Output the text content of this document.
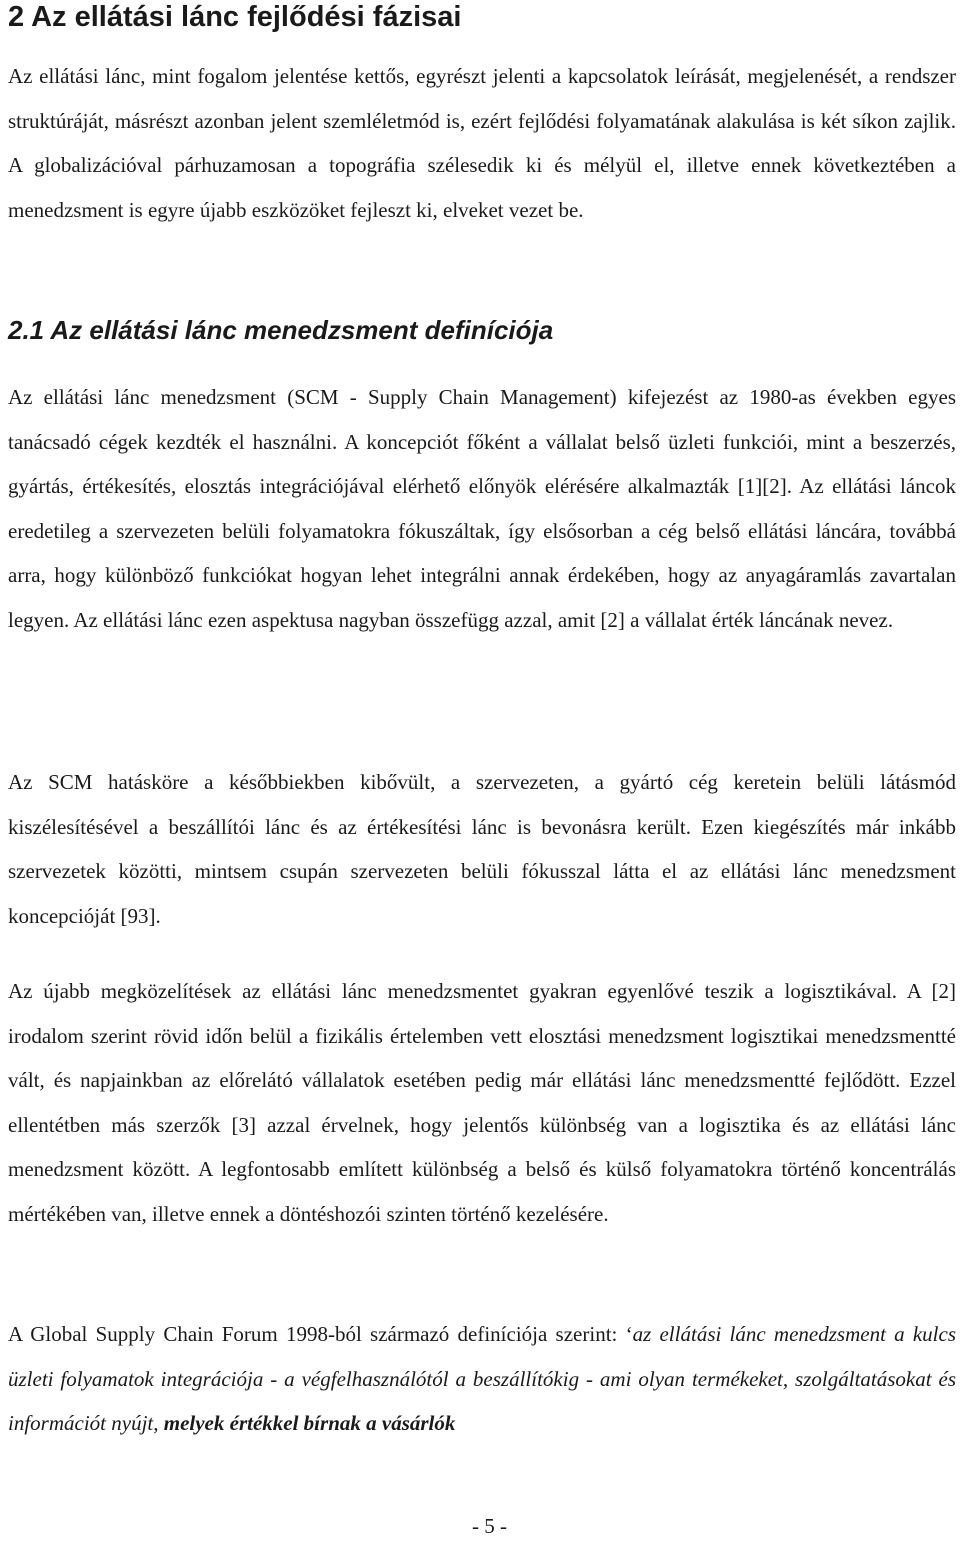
2 Az ellátási lánc fejlődési fázisai

Az ellátási lánc, mint fogalom jelentése kettős, egyrészt jelenti a kapcsolatok leírását, megjelenését, a rendszer struktúráját, másrészt azonban jelent szemléletmód is, ezért fejlődési folyamatának alakulása is két síkon zajlik. A globalizációval párhuzamosan a topográfia szélesedik ki és mélyül el, illetve ennek következtében a menedzsment is egyre újabb eszközöket fejleszt ki, elveket vezet be.

2.1 Az ellátási lánc menedzsment definíciója

Az ellátási lánc menedzsment (SCM - Supply Chain Management) kifejezést az 1980-as években egyes tanácsadó cégek kezdték el használni. A koncepciót főként a vállalat belső üzleti funkciói, mint a beszerzés, gyártás, értékesítés, elosztás integrációjával elérhető előnyök elérésére alkalmazták [1][2]. Az ellátási láncok eredetileg a szervezeten belüli folyamatokra fókuszáltak, így elsősorban a cég belső ellátási láncára, továbbá arra, hogy különböző funkciókat hogyan lehet integrálni annak érdekében, hogy az anyagáramlás zavartalan legyen. Az ellátási lánc ezen aspektusa nagyban összefügg azzal, amit [2] a vállalat érték láncának nevez.

Az SCM hatásköre a későbbiekben kibővült, a szervezeten, a gyártó cég keretein belüli látásmód kiszélesítésével a beszállítói lánc és az értékesítési lánc is bevonásra került. Ezen kiegészítés már inkább szervezetek közötti, mintsem csupán szervezeten belüli fókusszal látta el az ellátási lánc menedzsment koncepcióját [93].

Az újabb megközelítések az ellátási lánc menedzsmentet gyakran egyenlővé teszik a logisztikával. A [2] irodalom szerint rövid időn belül a fizikális értelemben vett elosztási menedzsment logisztikai menedzsmentté vált, és napjainkban az előrelátó vállalatok esetében pedig már ellátási lánc menedzsmentté fejlődött. Ezzel ellentétben más szerzők [3] azzal érvelnek, hogy jelentős különbség van a logisztika és az ellátási lánc menedzsment között. A legfontosabb említett különbség a belső és külső folyamatokra történő koncentrálás mértékében van, illetve ennek a döntéshozói szinten történő kezelésére.

A Global Supply Chain Forum 1998-ból származó definíciója szerint: ‘az ellátási lánc menedzsment a kulcs üzleti folyamatok integrációja - a végfelhasználótól a beszállítókig - ami olyan termékeket, szolgáltatásokat és információt nyújt, melyek értékkel bírnak a vásárlók

- 5 -
